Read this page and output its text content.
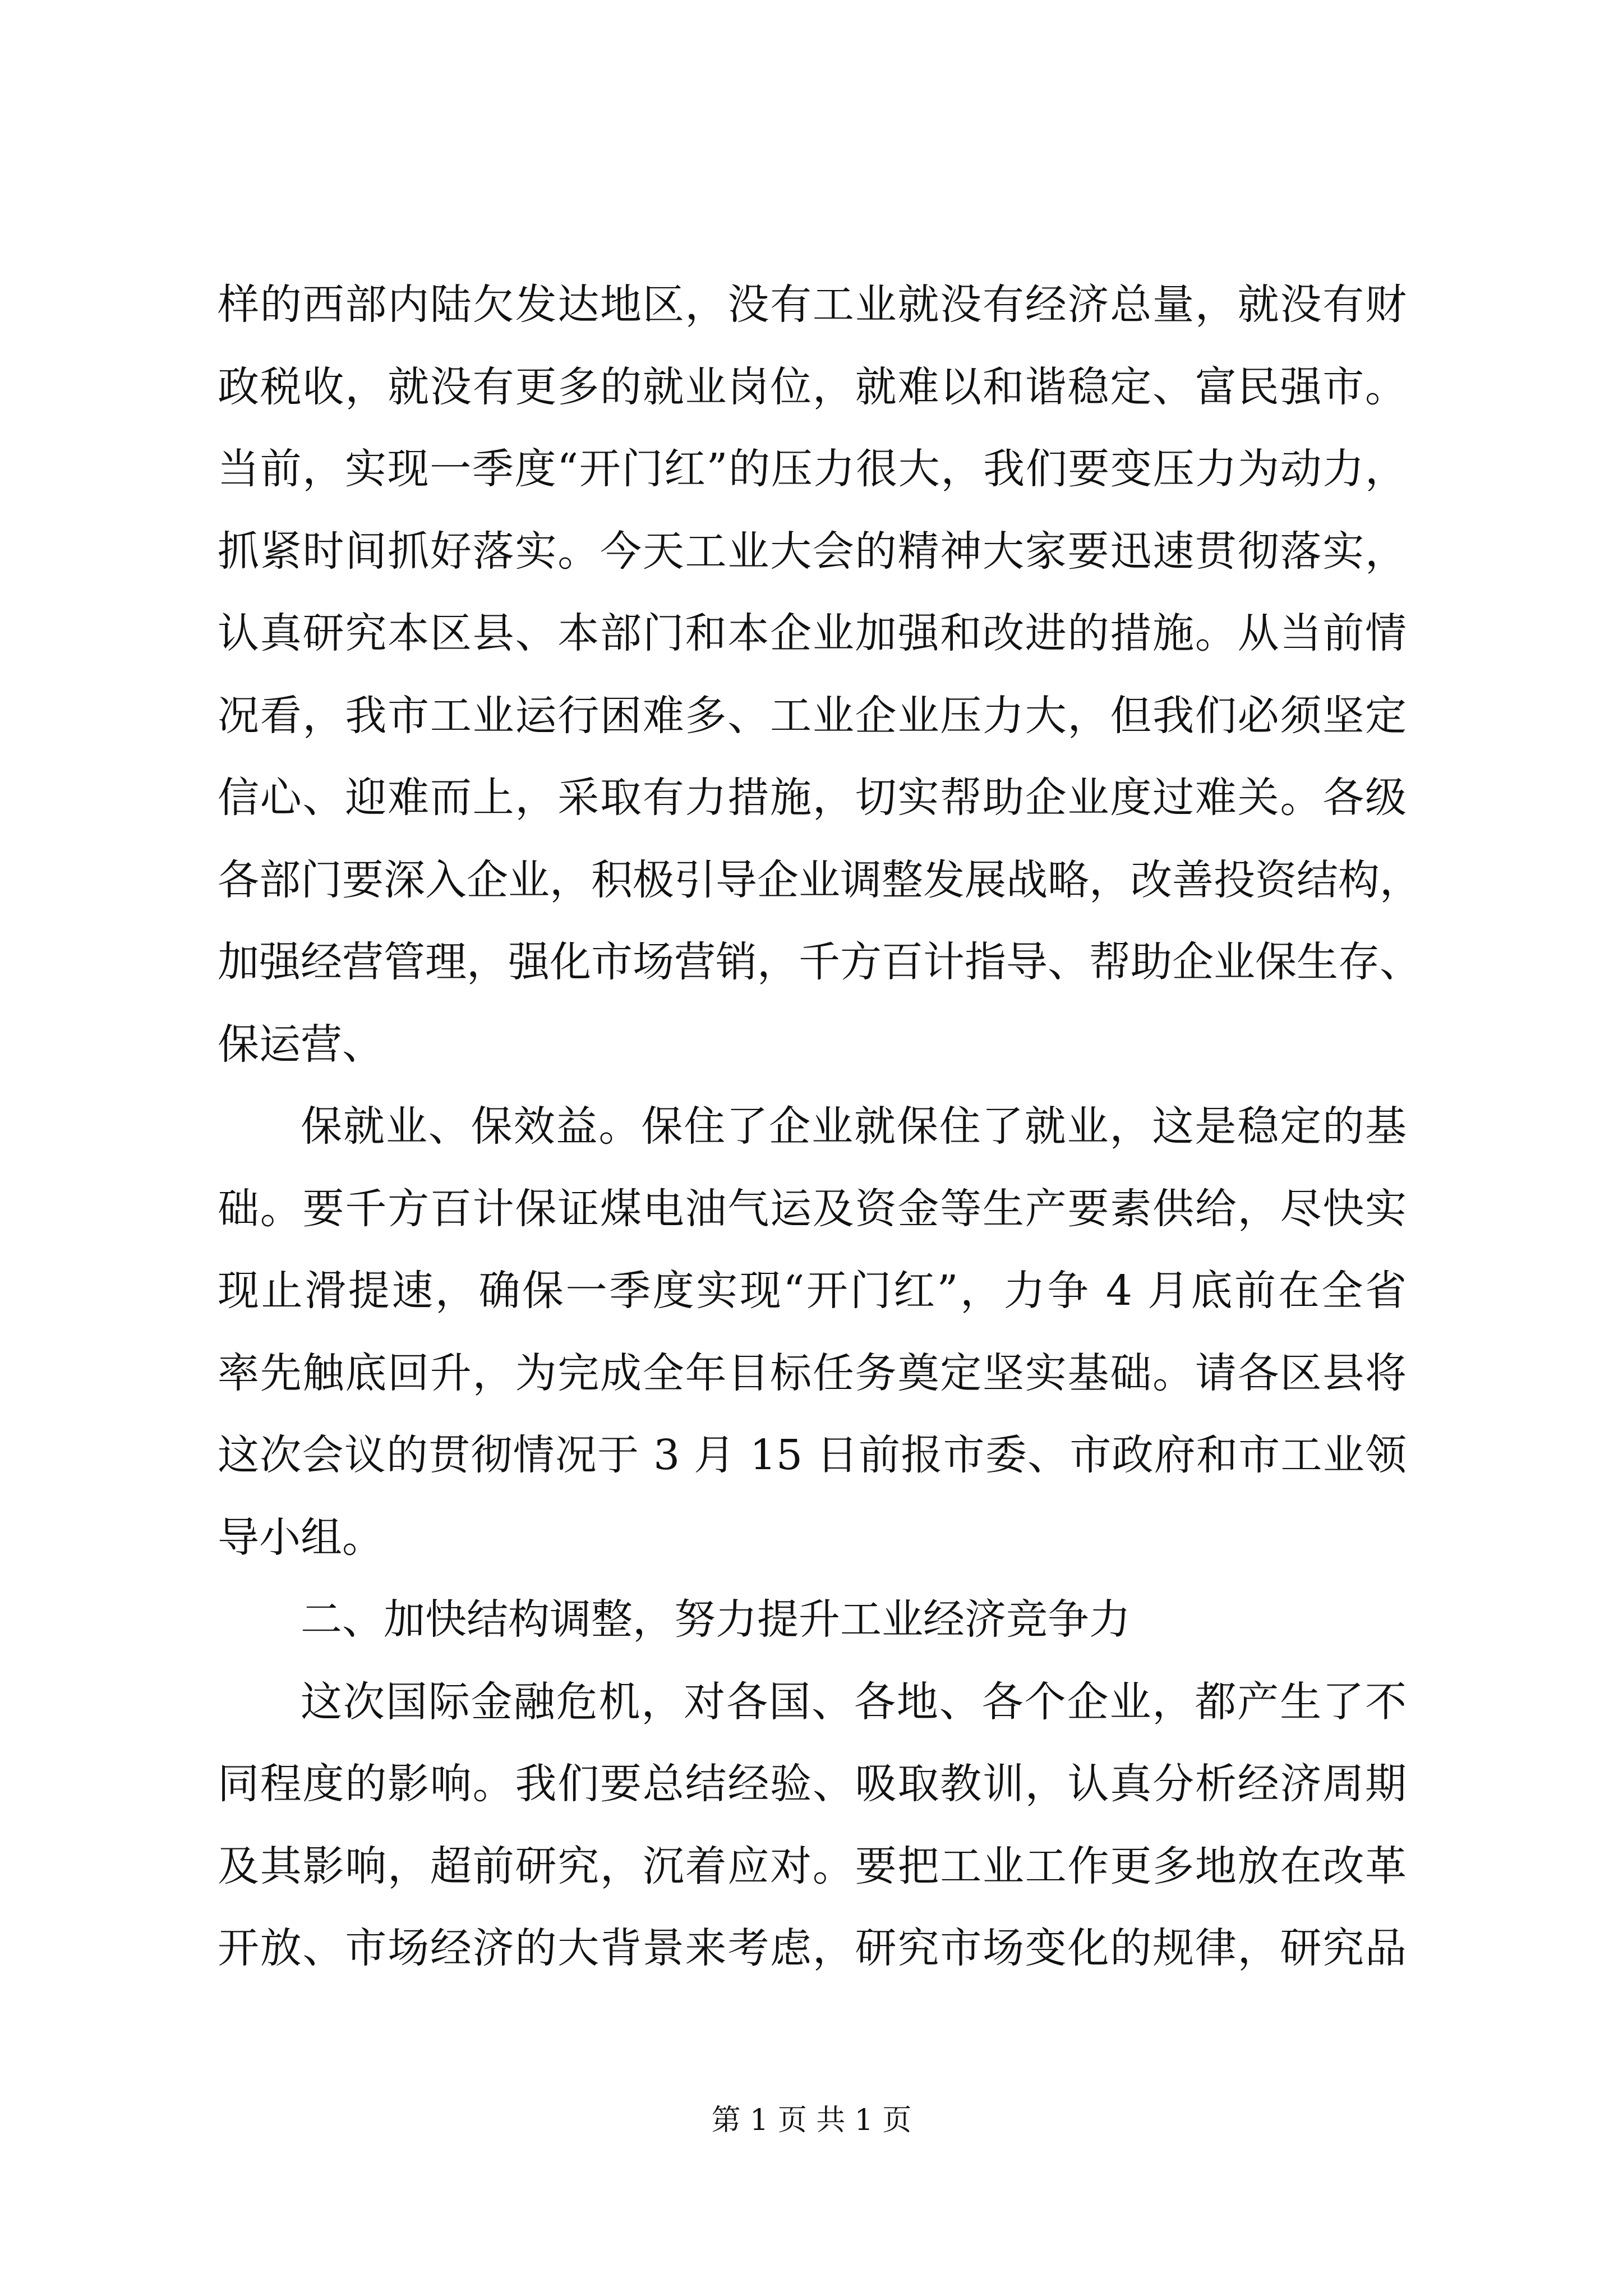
样的西部内陆欠发达地区，没有工业就没有经济总量，就没有财
政税收，就没有更多的就业岗位，就难以和谐稳定、富民强市。
当前，实现一季度“开门红”的压力很大，我们要变压力为动力，
抓紧时间抓好落实。今天工业大会的精神大家要迅速贯彻落实，
认真研究本区县、本部门和本企业加强和改进的措施。从当前情
况看，我市工业运行困难多、工业企业压力大，但我们必须坚定
信心、迎难而上，采取有力措施，切实帮助企业度过难关。各级
各部门要深入企业，积极引导企业调整发展战略，改善投资结构，
加强经营管理，强化市场营销，千方百计指导、帮助企业保生存、
保运营、
保就业、保效益。保住了企业就保住了就业，这是稳定的基
础。要千方百计保证煤电油气运及资金等生产要素供给，尽快实
现止滑提速，确保一季度实现“开门红”，力争 4 月底前在全省
率先触底回升，为完成全年目标任务奠定坚实基础。请各区县将
这次会议的贯彻情况于 3 月 15 日前报市委、市政府和市工业领
导小组。
二、加快结构调整，努力提升工业经济竞争力
这次国际金融危机，对各国、各地、各个企业，都产生了不
同程度的影响。我们要总结经验、吸取教训，认真分析经济周期
及其影响，超前研究，沉着应对。要把工业工作更多地放在改革
开放、市场经济的大背景来考虑，研究市场变化的规律，研究品
第 1 页 共 1 页
